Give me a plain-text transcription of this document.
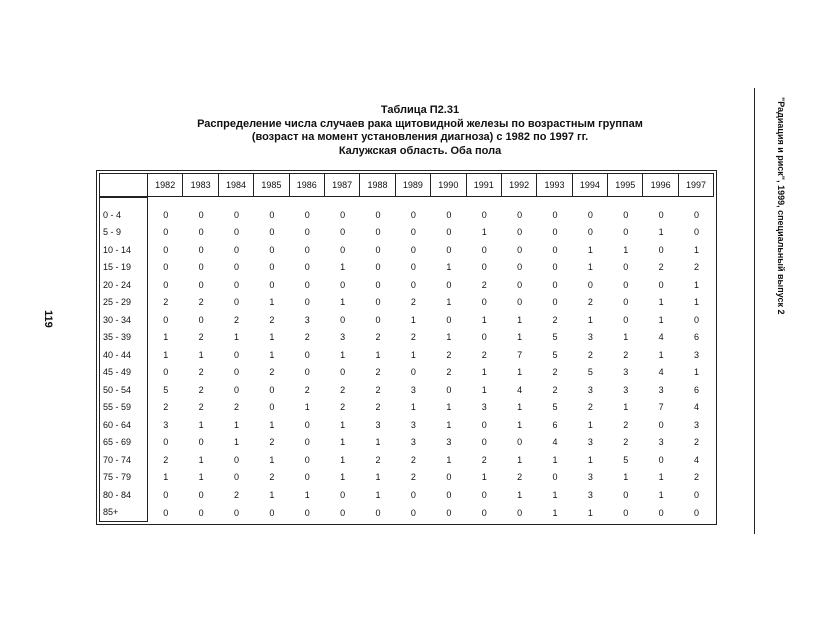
Таблица П2.31
Распределение числа случаев рака щитовидной железы по возрастным группам
(возраст на момент установления диагноза) с 1982 по 1997 гг.
Калужская область. Оба пола
119
"Радиация и риск", 1999, специальный выпуск 2
	1982	1983	1984	1985	1986	1987	1988	1989	1990	1991	1992	1993	1994	1995	1996	1997

0 - 4	0	0	0	0	0	0	0	0	0	0	0	0	0	0	0	0
5 - 9	0	0	0	0	0	0	0	0	0	1	0	0	0	0	1	0
10 - 14	0	0	0	0	0	0	0	0	0	0	0	0	1	1	0	1
15 - 19	0	0	0	0	0	1	0	0	1	0	0	0	1	0	2	2
20 - 24	0	0	0	0	0	0	0	0	0	2	0	0	0	0	0	1
25 - 29	2	2	0	1	0	1	0	2	1	0	0	0	2	0	1	1
30 - 34	0	0	2	2	3	0	0	1	0	1	1	2	1	0	1	0
35 - 39	1	2	1	1	2	3	2	2	1	0	1	5	3	1	4	6
40 - 44	1	1	0	1	0	1	1	1	2	2	7	5	2	2	1	3
45 - 49	0	2	0	2	0	0	2	0	2	1	1	2	5	3	4	1
50 - 54	5	2	0	0	2	2	2	3	0	1	4	2	3	3	3	6
55 - 59	2	2	2	0	1	2	2	1	1	3	1	5	2	1	7	4
60 - 64	3	1	1	1	0	1	3	3	1	0	1	6	1	2	0	3
65 - 69	0	0	1	2	0	1	1	3	3	0	0	4	3	2	3	2
70 - 74	2	1	0	1	0	1	2	2	1	2	1	1	1	5	0	4
75 - 79	1	1	0	2	0	1	1	2	0	1	2	0	3	1	1	2
80 - 84	0	0	2	1	1	0	1	0	0	0	1	1	3	0	1	0
85+	0	0	0	0	0	0	0	0	0	0	0	1	1	0	0	0
